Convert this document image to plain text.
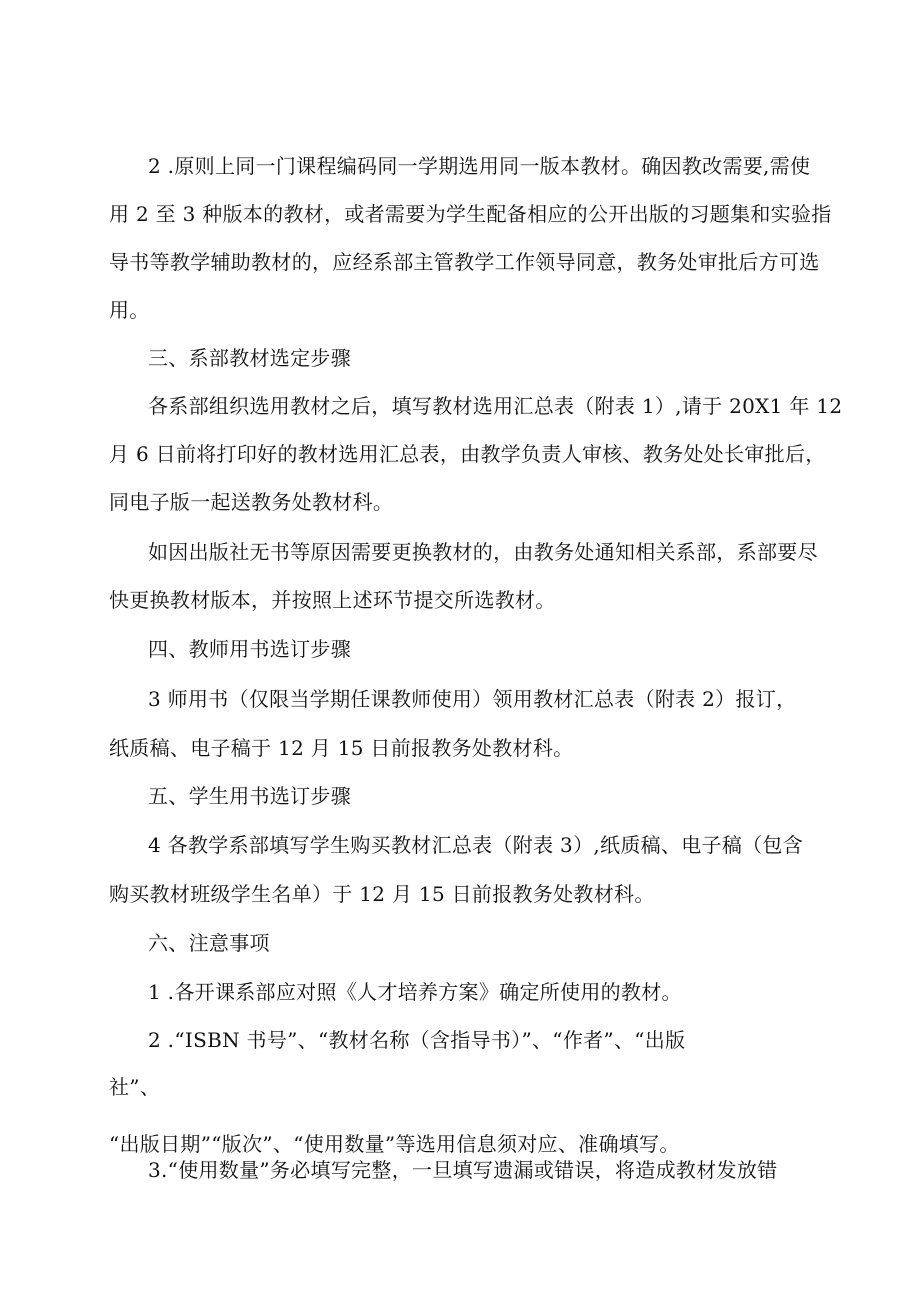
2 .原则上同一门课程编码同一学期选用同一版本教材。确因教改需要,需使
用 2 至 3 种版本的教材，或者需要为学生配备相应的公开出版的习题集和实验指
导书等教学辅助教材的，应经系部主管教学工作领导同意，教务处审批后方可选
用。
三、系部教材选定步骤
各系部组织选用教材之后，填写教材选用汇总表（附表 1）,请于 20X1 年 12
月 6 日前将打印好的教材选用汇总表，由教学负责人审核、教务处处长审批后，
同电子版一起送教务处教材科。
如因出版社无书等原因需要更换教材的，由教务处通知相关系部，系部要尽
快更换教材版本，并按照上述环节提交所选教材。
四、教师用书选订步骤
3 师用书（仅限当学期任课教师使用）领用教材汇总表（附表 2）报订，
纸质稿、电子稿于 12 月 15 日前报教务处教材科。
五、学生用书选订步骤
4 各教学系部填写学生购买教材汇总表（附表 3）,纸质稿、电子稿（包含
购买教材班级学生名单）于 12 月 15 日前报教务处教材科。
六、注意事项
1 .各开课系部应对照《人才培养方案》确定所使用的教材。
2 .“ISBN 书号”、“教材名称（含指导书）”、“作者”、“出版
社”、
“出版日期”“版次”、“使用数量”等选用信息须对应、准确填写。
3.“使用数量”务必填写完整，一旦填写遗漏或错误，将造成教材发放错
